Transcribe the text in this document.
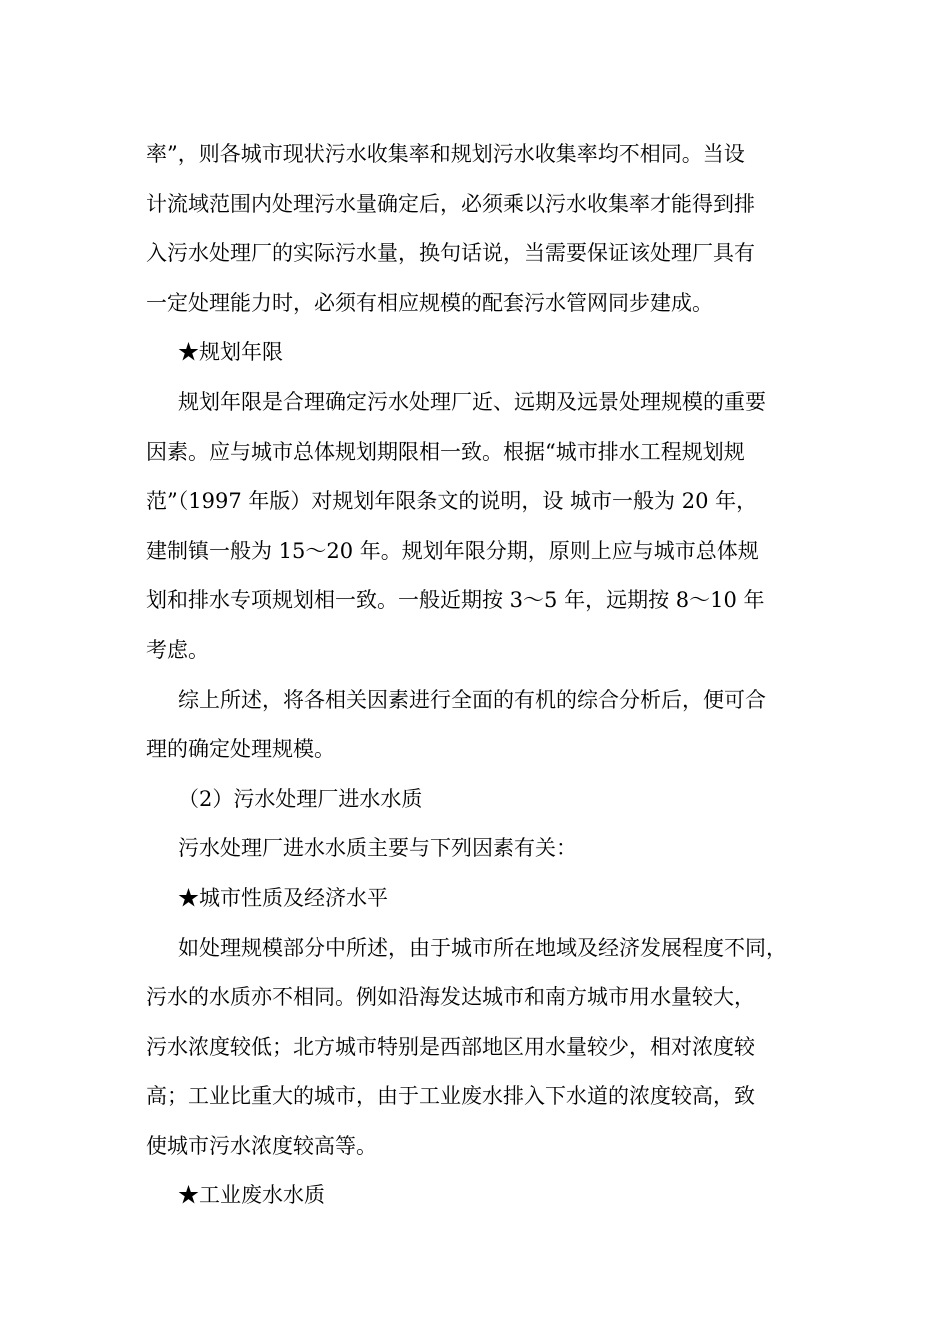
率”，则各城市现状污水收集率和规划污水收集率均不相同。当设
计流域范围内处理污水量确定后，必须乘以污水收集率才能得到排
入污水处理厂的实际污水量，换句话说，当需要保证该处理厂具有
一定处理能力时，必须有相应规模的配套污水管网同步建成。
★规划年限
规划年限是合理确定污水处理厂近、远期及远景处理规模的重要
因素。应与城市总体规划期限相一致。根据“城市排水工程规划规
范”（1997 年版）对规划年限条文的说明，设 城市一般为 20 年，
建制镇一般为 15～20 年。规划年限分期，原则上应与城市总体规
划和排水专项规划相一致。一般近期按 3～5 年，远期按 8～10 年
考虑。
综上所述，将各相关因素进行全面的有机的综合分析后，便可合
理的确定处理规模。
（2）污水处理厂进水水质
污水处理厂进水水质主要与下列因素有关：
★城市性质及经济水平
如处理规模部分中所述，由于城市所在地域及经济发展程度不同，
污水的水质亦不相同。例如沿海发达城市和南方城市用水量较大，
污水浓度较低；北方城市特别是西部地区用水量较少，相对浓度较
高；工业比重大的城市，由于工业废水排入下水道的浓度较高，致
使城市污水浓度较高等。
★工业废水水质
